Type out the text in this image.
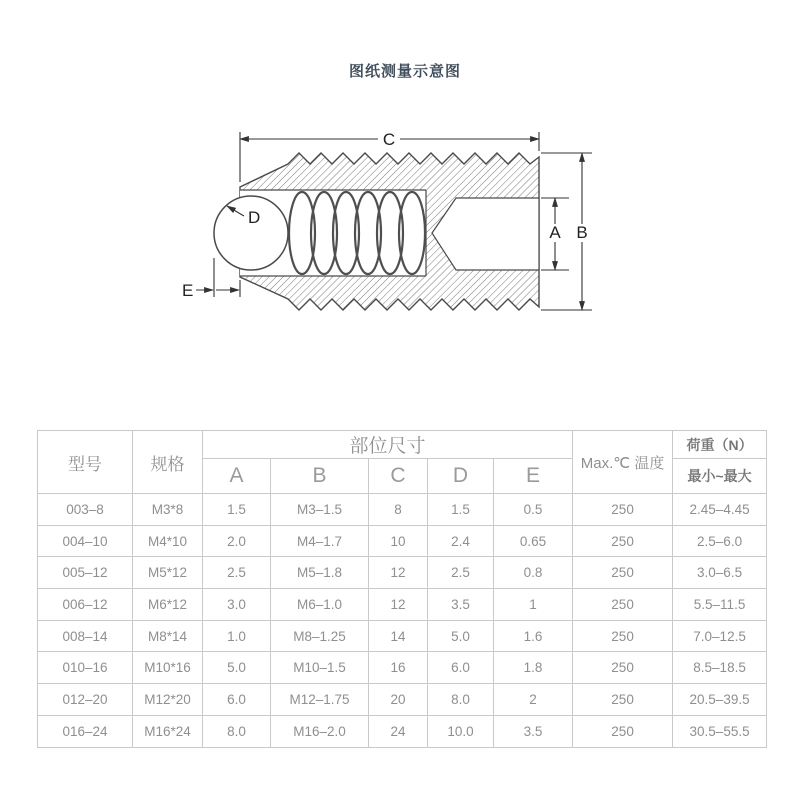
图纸测量示意图
C
B
A
D
E
型号	规格	部位尺寸					Max.℃ 温度	荷重（N）
		A	B	C	D	E		最小~最大
003–8	M3*8	1.5	M3–1.5	8	1.5	0.5	250	2.45–4.45
004–10	M4*10	2.0	M4–1.7	10	2.4	0.65	250	2.5–6.0
005–12	M5*12	2.5	M5–1.8	12	2.5	0.8	250	3.0–6.5
006–12	M6*12	3.0	M6–1.0	12	3.5	1	250	5.5–11.5
008–14	M8*14	1.0	M8–1.25	14	5.0	1.6	250	7.0–12.5
010–16	M10*16	5.0	M10–1.5	16	6.0	1.8	250	8.5–18.5
012–20	M12*20	6.0	M12–1.75	20	8.0	2	250	20.5–39.5
016–24	M16*24	8.0	M16–2.0	24	10.0	3.5	250	30.5–55.5
